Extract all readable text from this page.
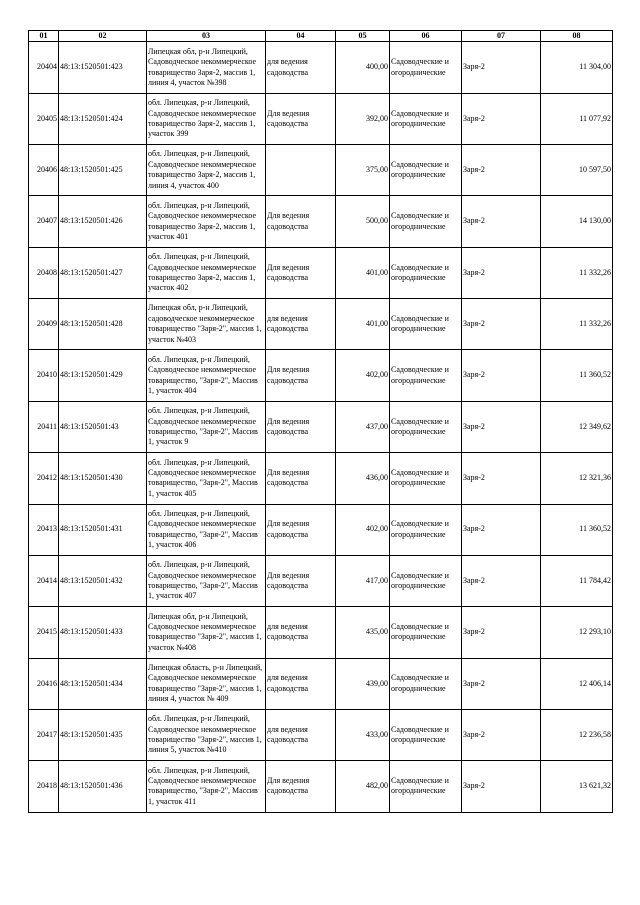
01	02	03	04	05	06	07	08

20404	48:13:1520501:423	Липецкая обл, р-н Липецкий, Садоводческое некоммерческое товарищество Заря-2, массив 1, линия 4, участок №398	для ведения садоводства	400,00	Садоводческие и огороднические	Заря-2	11 304,00

20405	48:13:1520501:424	обл. Липецкая, р-н Липецкий, Садоводческое некоммерческое товарищество Заря-2, массив 1, участок 399	Для ведения садоводства	392,00	Садоводческие и огороднические	Заря-2	11 077,92

20406	48:13:1520501:425	обл. Липецкая, р-н Липецкий, Садоводческое некоммерческое товарищество Заря-2, массив 1, линия 4, участок 400		375,00	Садоводческие и огороднические	Заря-2	10 597,50

20407	48:13:1520501:426	обл. Липецкая, р-н Липецкий, Садоводческое некоммерческое товарищество Заря-2, массив 1, участок 401	Для ведения садоводства	500,00	Садоводческие и огороднические	Заря-2	14 130,00

20408	48:13:1520501:427	обл. Липецкая, р-н Липецкий, Садоводческое некоммерческое товарищество Заря-2, массив 1, участок 402	Для ведения садоводства	401,00	Садоводческие и огороднические	Заря-2	11 332,26

20409	48:13:1520501:428	Липецкая обл, р-н Липецкий, садоводческое некоммерческое товарищество "Заря-2", массив 1, участок №403	для ведения садоводства	401,00	Садоводческие и огороднические	Заря-2	11 332,26

20410	48:13:1520501:429	обл. Липецкая, р-н Липецкий, Садоводческое некоммерческое товарищество, "Заря-2", Массив 1, участок 404	Для ведения садоводства	402,00	Садоводческие и огороднические	Заря-2	11 360,52

20411	48:13:1520501:43	обл. Липецкая, р-н Липецкий, Садоводческое некоммерческое товарищество, "Заря-2", Массив 1, участок 9	Для ведения садоводства	437,00	Садоводческие и огороднические	Заря-2	12 349,62

20412	48:13:1520501:430	обл. Липецкая, р-н Липецкий, Садоводческое некоммерческое товарищество, "Заря-2", Массив 1, участок 405	Для ведения садоводства	436,00	Садоводческие и огороднические	Заря-2	12 321,36

20413	48:13:1520501:431	обл. Липецкая, р-н Липецкий, Садоводческое некоммерческое товарищество, "Заря-2", Массив 1, участок 406	Для ведения садоводства	402,00	Садоводческие и огороднические	Заря-2	11 360,52

20414	48:13:1520501:432	обл. Липецкая, р-н Липецкий, Садоводческое некоммерческое товарищество, "Заря-2", Массив 1, участок 407	Для ведения садоводства	417,00	Садоводческие и огороднические	Заря-2	11 784,42

20415	48:13:1520501:433	Липецкая обл, р-н Липецкий, Садоводческое некоммерческое товарищество "Заря-2", массив 1, участок №408	для ведения садоводства	435,00	Садоводческие и огороднические	Заря-2	12 293,10

20416	48:13:1520501:434	Липецкая область, р-н Липецкий, Садоводческое некоммерческое товарищество "Заря-2", массив 1, линия 4, участок № 409	для ведения садоводства	439,00	Садоводческие и огороднические	Заря-2	12 406,14

20417	48:13:1520501:435	обл. Липецкая, р-н Липецкий, Садоводческое некоммерческое товарищество "Заря-2", массив 1, линия 5, участок №410	для ведения садоводства	433,00	Садоводческие и огороднические	Заря-2	12 236,58

20418	48:13:1520501:436	обл. Липецкая, р-н Липецкий, Садоводческое некоммерческое товарищество, "Заря-2", Массив 1, участок 411	Для ведения садоводства	482,00	Садоводческие и огороднические	Заря-2	13 621,32
